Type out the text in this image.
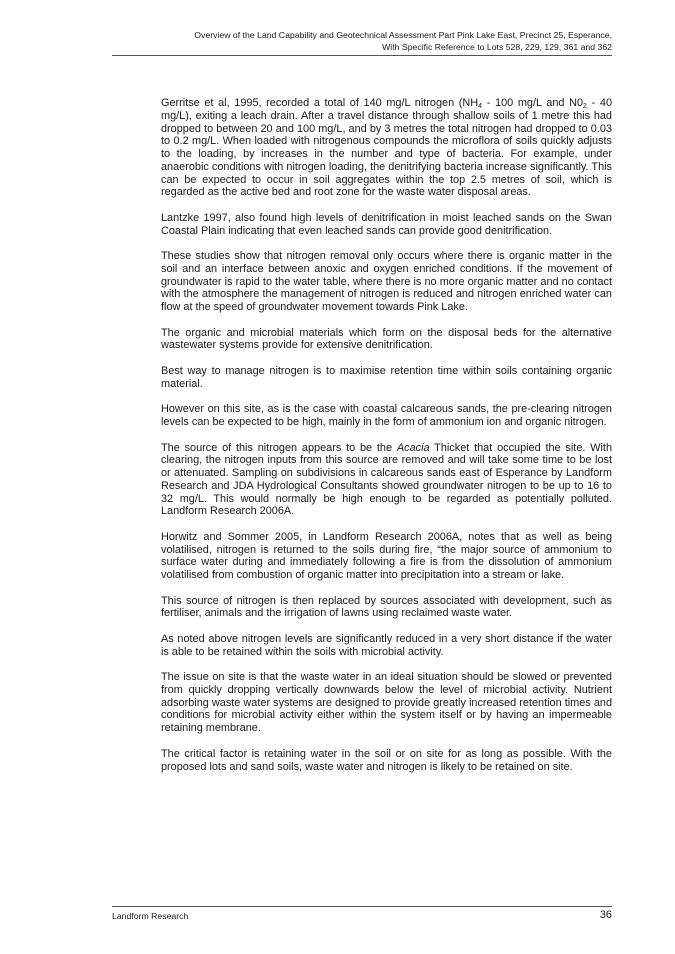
Overview of the Land Capability and Geotechnical Assessment Part Pink Lake East, Precinct 25, Esperance,
With Specific Reference to Lots 528, 229, 129, 361 and 362

Gerritse et al, 1995, recorded a total of 140 mg/L nitrogen ($NH_4 - 100$ mg/L and $N0_2 - 40$ mg/L), exiting a leach drain. After a travel distance through shallow soils of 1 metre this had dropped to between 20 and 100 mg/L, and by 3 metres the total nitrogen had dropped to 0.03 to 0.2 mg/L. When loaded with nitrogenous compounds the microflora of soils quickly adjusts to the loading, by increases in the number and type of bacteria. For example, under anaerobic conditions with nitrogen loading, the denitrifying bacteria increase significantly. This can be expected to occur in soil aggregates within the top 2.5 metres of soil, which is regarded as the active bed and root zone for the waste water disposal areas.

Lantzke 1997, also found high levels of denitrification in moist leached sands on the Swan Coastal Plain indicating that even leached sands can provide good denitrification.

These studies show that nitrogen removal only occurs where there is organic matter in the soil and an interface between anoxic and oxygen enriched conditions. If the movement of groundwater is rapid to the water table, where there is no more organic matter and no contact with the atmosphere the management of nitrogen is reduced and nitrogen enriched water can flow at the speed of groundwater movement towards Pink Lake.

The organic and microbial materials which form on the disposal beds for the alternative wastewater systems provide for extensive denitrification.

Best way to manage nitrogen is to maximise retention time within soils containing organic material.

However on this site, as is the case with coastal calcareous sands, the pre-clearing nitrogen levels can be expected to be high, mainly in the form of ammonium ion and organic nitrogen.

The source of this nitrogen appears to be the Acacia Thicket that occupied the site. With clearing, the nitrogen inputs from this source are removed and will take some time to be lost or attenuated. Sampling on subdivisions in calcareous sands east of Esperance by Landform Research and JDA Hydrological Consultants showed groundwater nitrogen to be up to 16 to 32 mg/L. This would normally be high enough to be regarded as potentially polluted. Landform Research 2006A.

Horwitz and Sommer 2005, in Landform Research 2006A, notes that as well as being volatilised, nitrogen is returned to the soils during fire, “the major source of ammonium to surface water during and immediately following a fire is from the dissolution of ammonium volatilised from combustion of organic matter into precipitation into a stream or lake.

This source of nitrogen is then replaced by sources associated with development, such as fertiliser, animals and the irrigation of lawns using reclaimed waste water.

As noted above nitrogen levels are significantly reduced in a very short distance if the water is able to be retained within the soils with microbial activity.

The issue on site is that the waste water in an ideal situation should be slowed or prevented from quickly dropping vertically downwards below the level of microbial activity. Nutrient adsorbing waste water systems are designed to provide greatly increased retention times and conditions for microbial activity either within the system itself or by having an impermeable retaining membrane.

The critical factor is retaining water in the soil or on site for as long as possible. With the proposed lots and sand soils, waste water and nitrogen is likely to be retained on site.

Landform Research	36
